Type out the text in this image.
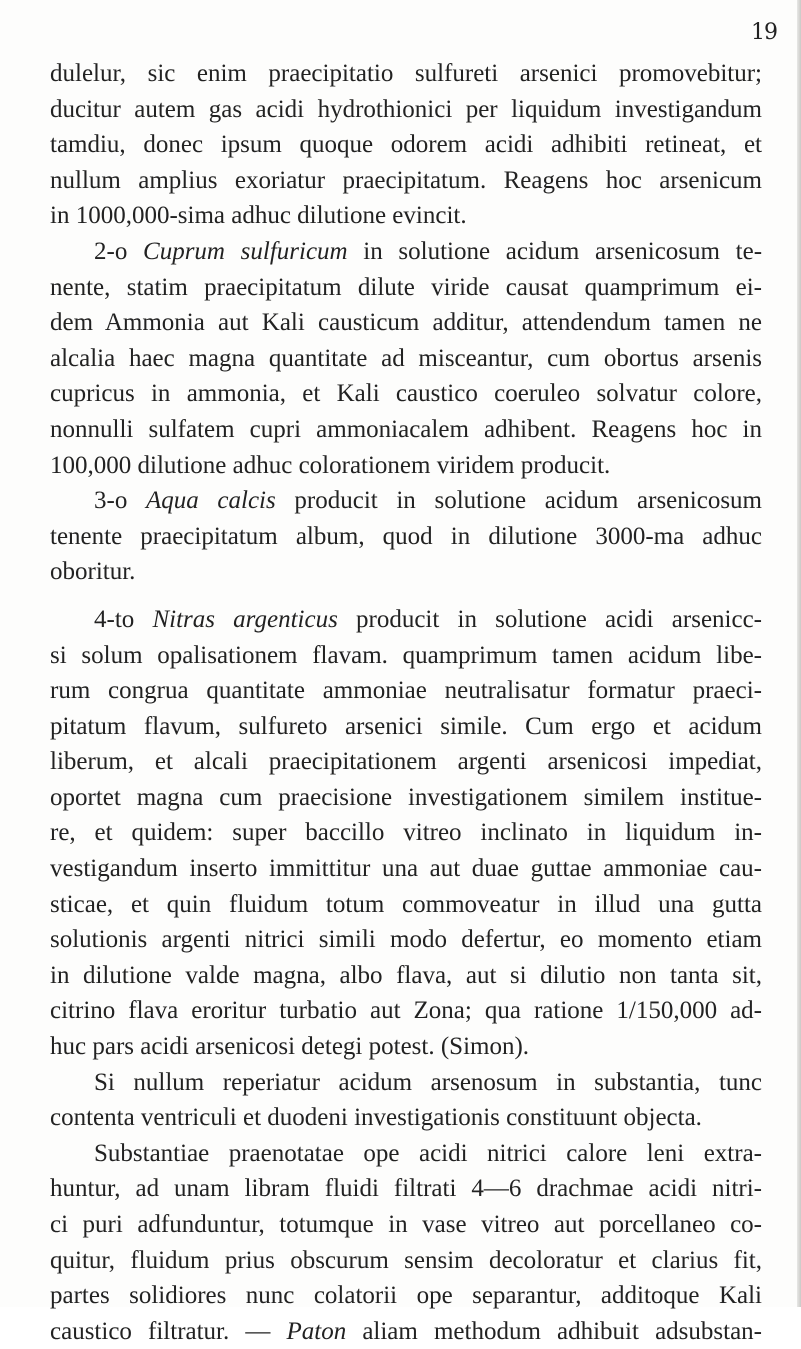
19
dulelur, sic enim praecipitatio sulfureti arsenici promovebitur;
ducitur autem gas acidi hydrothionici per liquidum investigandum
tamdiu, donec ipsum quoque odorem acidi adhibiti retineat, et
nullum amplius exoriatur praecipitatum. Reagens hoc arsenicum
in 1000,000-sima adhuc dilutione evincit.
2-o Cuprum sulfuricum in solutione acidum arsenicosum te-
nente, statim praecipitatum dilute viride causat quamprimum ei-
dem Ammonia aut Kali causticum additur, attendendum tamen ne
alcalia haec magna quantitate ad misceantur, cum obortus arsenis
cupricus in ammonia, et Kali caustico coeruleo solvatur colore,
nonnulli sulfatem cupri ammoniacalem adhibent. Reagens hoc in
100,000 dilutione adhuc colorationem viridem producit.
3-o Aqua calcis producit in solutione acidum arsenicosum
tenente praecipitatum album, quod in dilutione 3000-ma adhuc
oboritur.
4-to Nitras argenticus producit in solutione acidi arsenicc-
si solum opalisationem flavam. quamprimum tamen acidum libe-
rum congrua quantitate ammoniae neutralisatur formatur praeci-
pitatum flavum, sulfureto arsenici simile. Cum ergo et acidum
liberum, et alcali praecipitationem argenti arsenicosi impediat,
oportet magna cum praecisione investigationem similem institue-
re, et quidem: super baccillo vitreo inclinato in liquidum in-
vestigandum inserto immittitur una aut duae guttae ammoniae cau-
sticae, et quin fluidum totum commoveatur in illud una gutta
solutionis argenti nitrici simili modo defertur, eo momento etiam
in dilutione valde magna, albo flava, aut si dilutio non tanta sit,
citrino flava eroritur turbatio aut Zona; qua ratione 1/150,000 ad-
huc pars acidi arsenicosi detegi potest. (Simon).
Si nullum reperiatur acidum arsenosum in substantia, tunc
contenta ventriculi et duodeni investigationis constituunt objecta.
Substantiae praenotatae ope acidi nitrici calore leni extra-
huntur, ad unam libram fluidi filtrati 4—6 drachmae acidi nitri-
ci puri adfunduntur, totumque in vase vitreo aut porcellaneo co-
quitur, fluidum prius obscurum sensim decoloratur et clarius fit,
partes solidiores nunc colatorii ope separantur, additoque Kali
caustico filtratur. — Paton aliam methodum adhibuit adsubstan-
